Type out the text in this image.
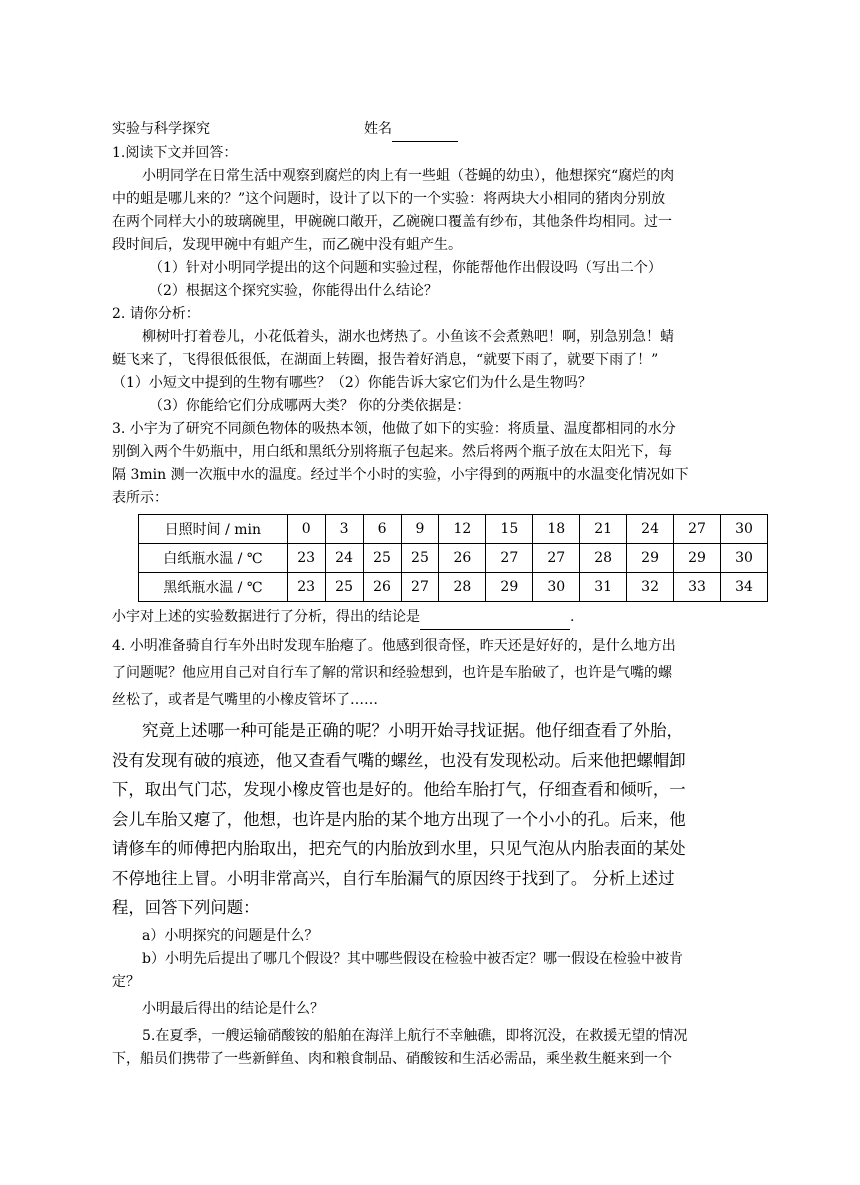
实验与科学探究	姓名
1.阅读下文并回答：
小明同学在日常生活中观察到腐烂的肉上有一些蛆（苍蝇的幼虫），他想探究“腐烂的肉
中的蛆是哪儿来的？”这个问题时，设计了以下的一个实验：将两块大小相同的猪肉分别放
在两个同样大小的玻璃碗里，甲碗碗口敞开，乙碗碗口覆盖有纱布，其他条件均相同。过一
段时间后，发现甲碗中有蛆产生，而乙碗中没有蛆产生。
（1）针对小明同学提出的这个问题和实验过程，你能帮他作出假设吗（写出二个）
（2）根据这个探究实验，你能得出什么结论？
2. 请你分析：
柳树叶打着卷儿，小花低着头，湖水也烤热了。小鱼该不会煮熟吧！啊，别急别急！蜻
蜓飞来了，飞得很低很低，在湖面上转圈，报告着好消息，“就要下雨了，就要下雨了！”
（1）小短文中提到的生物有哪些？（2）你能告诉大家它们为什么是生物吗？
（3）你能给它们分成哪两大类？ 你的分类依据是：
3. 小宇为了研究不同颜色物体的吸热本领，他做了如下的实验：将质量、温度都相同的水分
别倒入两个牛奶瓶中，用白纸和黑纸分别将瓶子包起来。然后将两个瓶子放在太阳光下，每
隔 3min 测一次瓶中水的温度。经过半个小时的实验，小宇得到的两瓶中的水温变化情况如下
表所示：
日照时间 / min	0	3	6	9	12	15	18	21	24	27	30
白纸瓶水温 / ℃	23	24	25	25	26	27	27	28	29	29	30
黑纸瓶水温 / ℃	23	25	26	27	28	29	30	31	32	33	34
小宇对上述的实验数据进行了分析，得出的结论是	.
4. 小明准备骑自行车外出时发现车胎瘪了。他感到很奇怪，昨天还是好好的，是什么地方出
了问题呢？他应用自己对自行车了解的常识和经验想到，也许是车胎破了，也许是气嘴的螺
丝松了，或者是气嘴里的小橡皮管坏了……
究竟上述哪一种可能是正确的呢？小明开始寻找证据。他仔细查看了外胎，
没有发现有破的痕迹，他又查看气嘴的螺丝，也没有发现松动。后来他把螺帽卸
下，取出气门芯，发现小橡皮管也是好的。他给车胎打气，仔细查看和倾听，一
会儿车胎又瘪了，他想，也许是内胎的某个地方出现了一个小小的孔。后来，他
请修车的师傅把内胎取出，把充气的内胎放到水里，只见气泡从内胎表面的某处
不停地往上冒。小明非常高兴，自行车胎漏气的原因终于找到了。 分析上述过
程，回答下列问题：
a）小明探究的问题是什么？
b）小明先后提出了哪几个假设？其中哪些假设在检验中被否定？哪一假设在检验中被肯
定？
小明最后得出的结论是什么？
5.在夏季，一艘运输硝酸铵的船舶在海洋上航行不幸触礁，即将沉没，在救援无望的情况
下，船员们携带了一些新鲜鱼、肉和粮食制品、硝酸铵和生活必需品，乘坐救生艇来到一个
